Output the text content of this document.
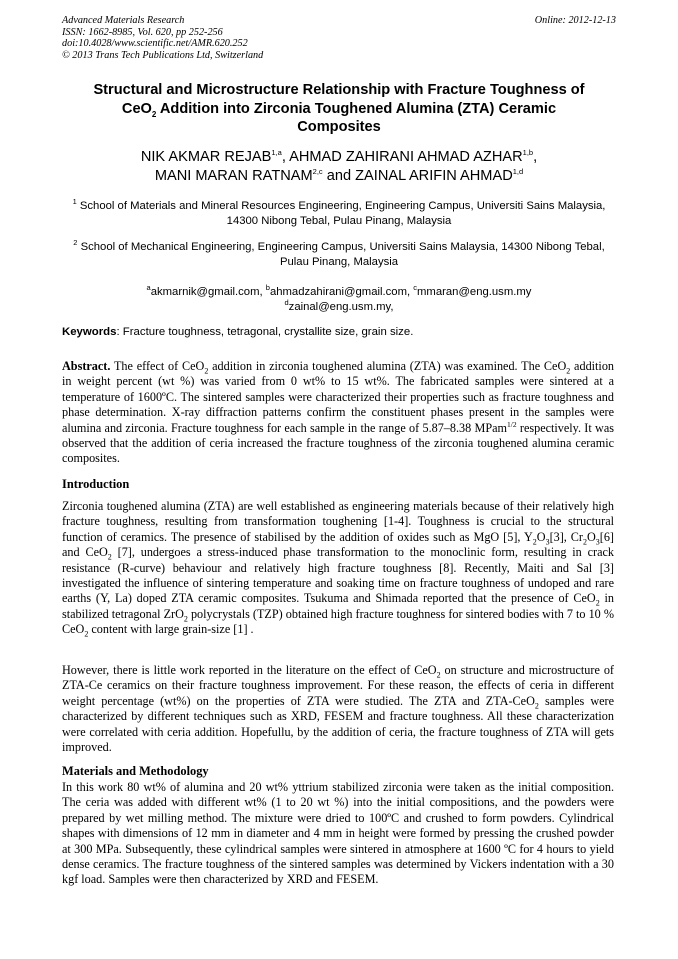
Advanced Materials Research
ISSN: 1662-8985, Vol. 620, pp 252-256
doi:10.4028/www.scientific.net/AMR.620.252
© 2013 Trans Tech Publications Ltd, Switzerland
Online: 2012-12-13
Structural and Microstructure Relationship with Fracture Toughness of
CeO$_2$ Addition into Zirconia Toughened Alumina (ZTA) Ceramic
Composites
NIK AKMAR REJAB$^{1,a}$, AHMAD ZAHIRANI AHMAD AZHAR$^{1,b}$,
MANI MARAN RATNAM$^{2,c}$ and ZAINAL ARIFIN AHMAD$^{1,d}$
$^1$ School of Materials and Mineral Resources Engineering, Engineering Campus, Universiti Sains Malaysia, 14300 Nibong Tebal, Pulau Pinang, Malaysia
$^2$ School of Mechanical Engineering, Engineering Campus, Universiti Sains Malaysia, 14300 Nibong Tebal, Pulau Pinang, Malaysia
$^a$akmarnik@gmail.com, $^b$ahmadzahirani@gmail.com, $^c$mmaran@eng.usm.my
$^d$zainal@eng.usm.my,
Keywords: Fracture toughness, tetragonal, crystallite size, grain size.
Abstract. The effect of CeO$_2$ addition in zirconia toughened alumina (ZTA) was examined. The CeO$_2$ addition in weight percent (wt %) was varied from 0 wt% to 15 wt%. The fabricated samples were sintered at a temperature of 1600ºC. The sintered samples were characterized their properties such as fracture toughness and phase determination. X-ray diffraction patterns confirm the constituent phases present in the samples were alumina and zirconia. Fracture toughness for each sample in the range of 5.87–8.38 MPam$^{1/2}$ respectively. It was observed that the addition of ceria increased the fracture toughness of the zirconia toughened alumina ceramic composites.
Introduction
Zirconia toughened alumina (ZTA) are well established as engineering materials because of their relatively high fracture toughness, resulting from transformation toughening [1-4]. Toughness is crucial to the structural function of ceramics. The presence of stabilised by the addition of oxides such as MgO [5], $Y_2O_3[3]$, $Cr_2O_3[6]$ and CeO$_2$ [7], undergoes a stress-induced phase transformation to the monoclinic form, resulting in crack resistance (R-curve) behaviour and relatively high fracture toughness [8]. Recently, Maiti and Sal [3] investigated the influence of sintering temperature and soaking time on fracture toughness of undoped and rare earths (Y, La) doped ZTA ceramic composites. Tsukuma and Shimada reported that the presence of CeO$_2$ in stabilized tetragonal ZrO$_2$ polycrystals (TZP) obtained high fracture toughness for sintered bodies with 7 to 10 % CeO$_2$ content with large grain-size [1] .
However, there is little work reported in the literature on the effect of CeO$_2$ on structure and microstructure of ZTA-Ce ceramics on their fracture toughness improvement. For these reason, the effects of ceria in different weight percentage (wt%) on the properties of ZTA were studied. The ZTA and ZTA-CeO$_2$ samples were characterized by different techniques such as XRD, FESEM and fracture toughness. All these characterization were correlated with ceria addition. Hopefullu, by the addition of ceria, the fracture toughness of ZTA will gets improved.
Materials and Methodology
In this work 80 wt% of alumina and 20 wt% yttrium stabilized zirconia were taken as the initial composition. The ceria was added with different wt% (1 to 20 wt %) into the initial compositions, and the powders were prepared by wet milling method. The mixture were dried to 100ºC and crushed to form powders. Cylindrical shapes with dimensions of 12 mm in diameter and 4 mm in height were formed by pressing the crushed powder at 300 MPa. Subsequently, these cylindrical samples were sintered in atmosphere at 1600 ºC for 4 hours to yield dense ceramics. The fracture toughness of the sintered samples was determined by Vickers indentation with a 30 kgf load. Samples were then characterized by XRD and FESEM.
